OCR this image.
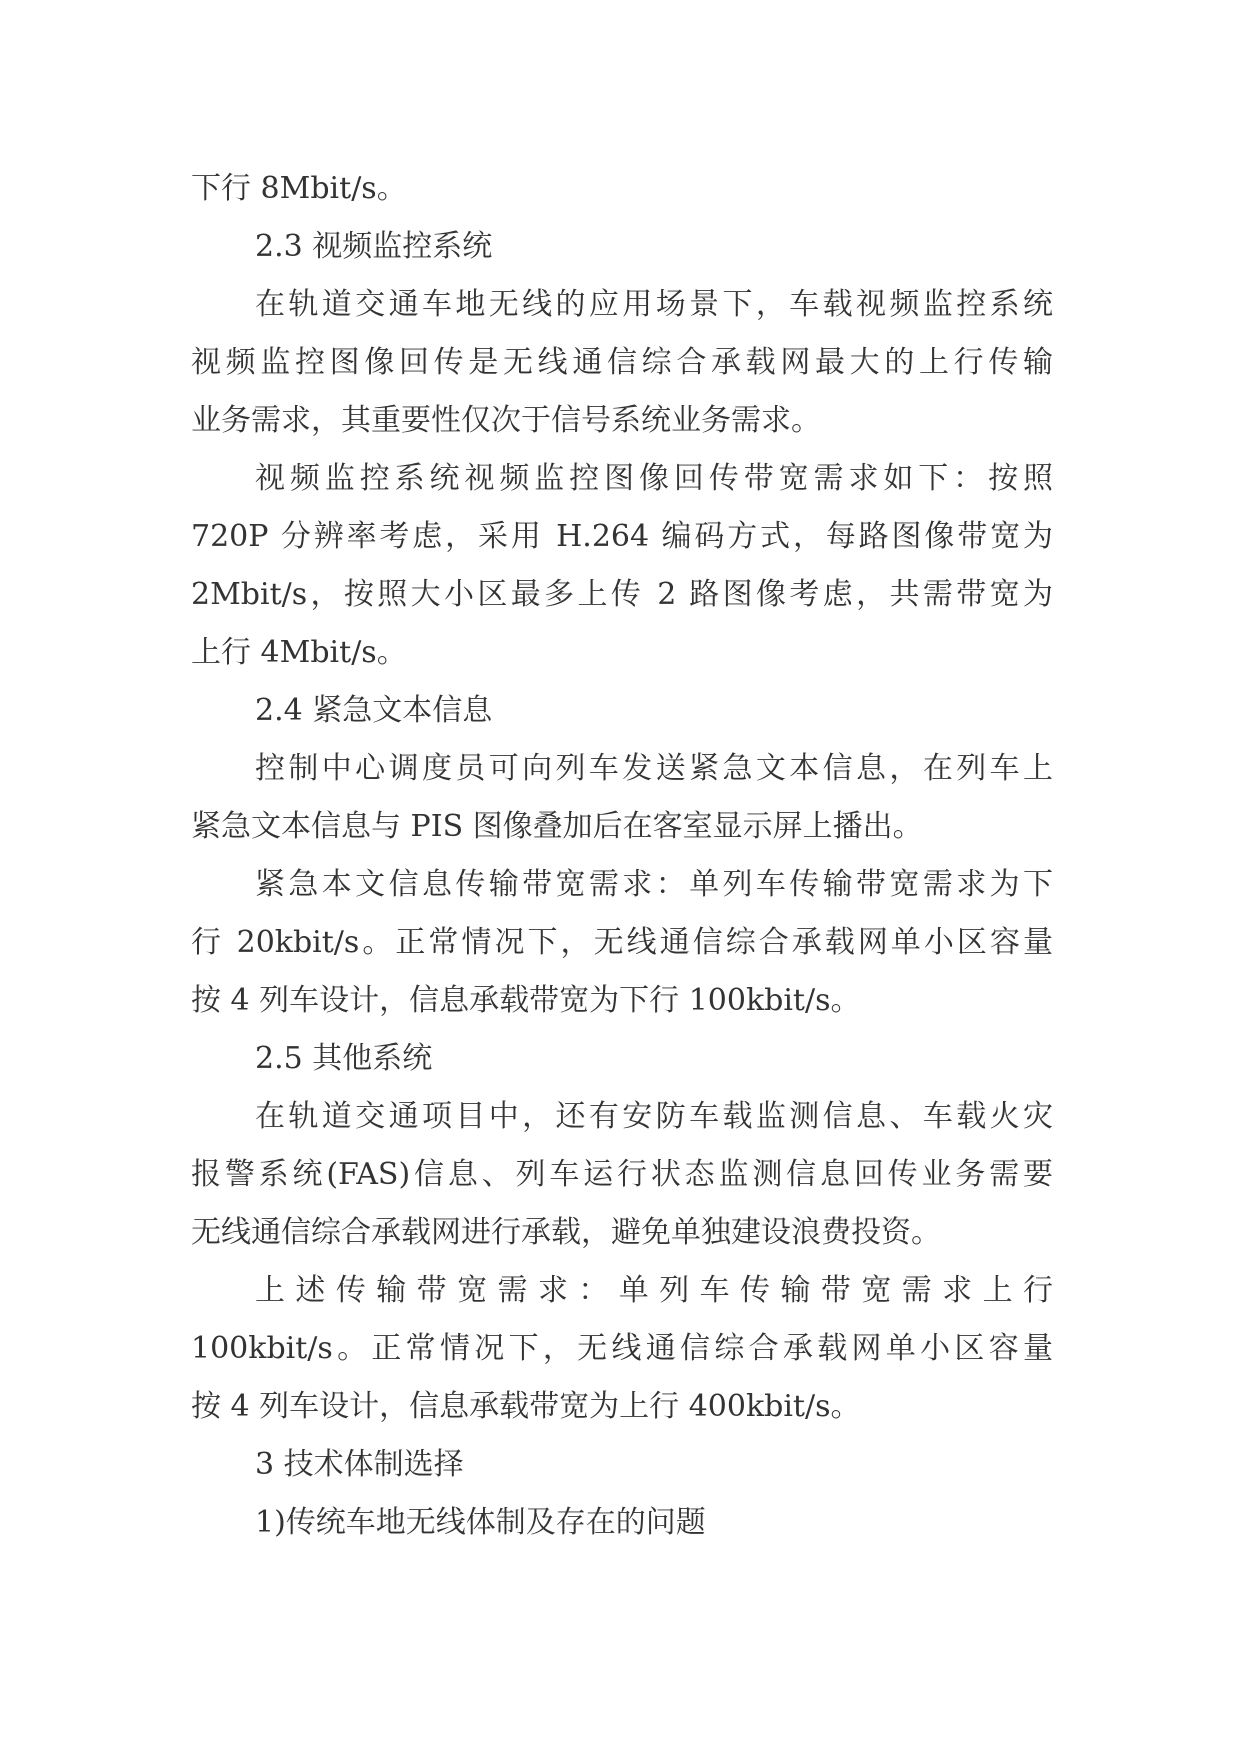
下行 8Mbit/s。
2.3 视频监控系统
在轨道交通车地无线的应用场景下，车载视频监控系统
视频监控图像回传是无线通信综合承载网最大的上行传输
业务需求，其重要性仅次于信号系统业务需求。
视频监控系统视频监控图像回传带宽需求如下：按照
720P 分辨率考虑，采用 H.264 编码方式，每路图像带宽为
2Mbit/s，按照大小区最多上传 2 路图像考虑，共需带宽为
上行 4Mbit/s。
2.4 紧急文本信息
控制中心调度员可向列车发送紧急文本信息，在列车上
紧急文本信息与 PIS 图像叠加后在客室显示屏上播出。
紧急本文信息传输带宽需求：单列车传输带宽需求为下
行 20kbit/s。正常情况下，无线通信综合承载网单小区容量
按 4 列车设计，信息承载带宽为下行 100kbit/s。
2.5 其他系统
在轨道交通项目中，还有安防车载监测信息、车载火灾
报警系统(FAS)信息、列车运行状态监测信息回传业务需要
无线通信综合承载网进行承载，避免单独建设浪费投资。
上述传输带宽需求：单列车传输带宽需求上行
100kbit/s。正常情况下，无线通信综合承载网单小区容量
按 4 列车设计，信息承载带宽为上行 400kbit/s。
3 技术体制选择
1)传统车地无线体制及存在的问题
